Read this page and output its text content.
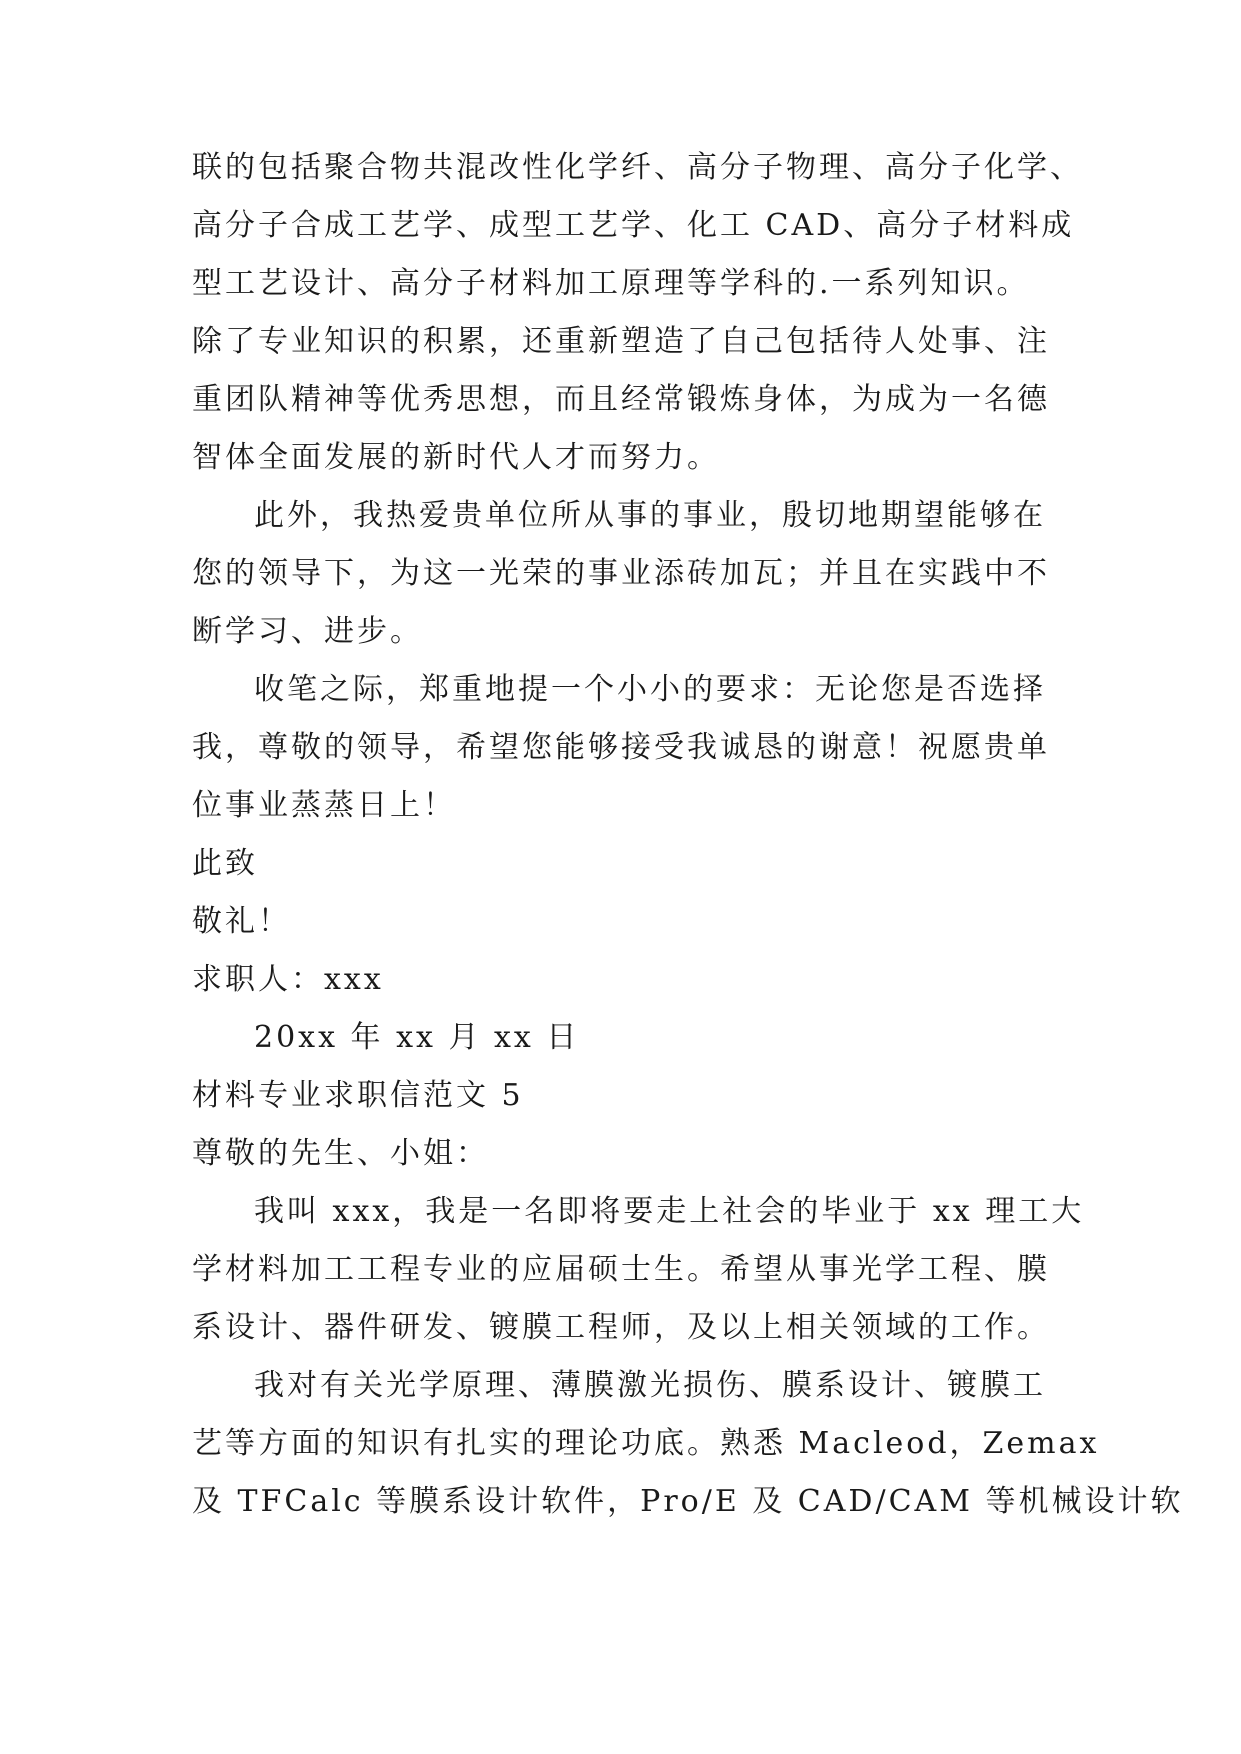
联的包括聚合物共混改性化学纤、高分子物理、高分子化学、
高分子合成工艺学、成型工艺学、化工 CAD、高分子材料成
型工艺设计、高分子材料加工原理等学科的.一系列知识。
除了专业知识的积累，还重新塑造了自己包括待人处事、注
重团队精神等优秀思想，而且经常锻炼身体，为成为一名德
智体全面发展的新时代人才而努力。
此外，我热爱贵单位所从事的事业，殷切地期望能够在
您的领导下，为这一光荣的事业添砖加瓦；并且在实践中不
断学习、进步。
收笔之际，郑重地提一个小小的要求：无论您是否选择
我，尊敬的领导，希望您能够接受我诚恳的谢意！祝愿贵单
位事业蒸蒸日上！
此致
敬礼！
求职人：xxx
20xx 年 xx 月 xx 日
材料专业求职信范文 5
尊敬的先生、小姐：
我叫 xxx，我是一名即将要走上社会的毕业于 xx 理工大
学材料加工工程专业的应届硕士生。希望从事光学工程、膜
系设计、器件研发、镀膜工程师，及以上相关领域的工作。
我对有关光学原理、薄膜激光损伤、膜系设计、镀膜工
艺等方面的知识有扎实的理论功底。熟悉 Macleod，Zemax
及 TFCalc 等膜系设计软件，Pro/E 及 CAD/CAM 等机械设计软
